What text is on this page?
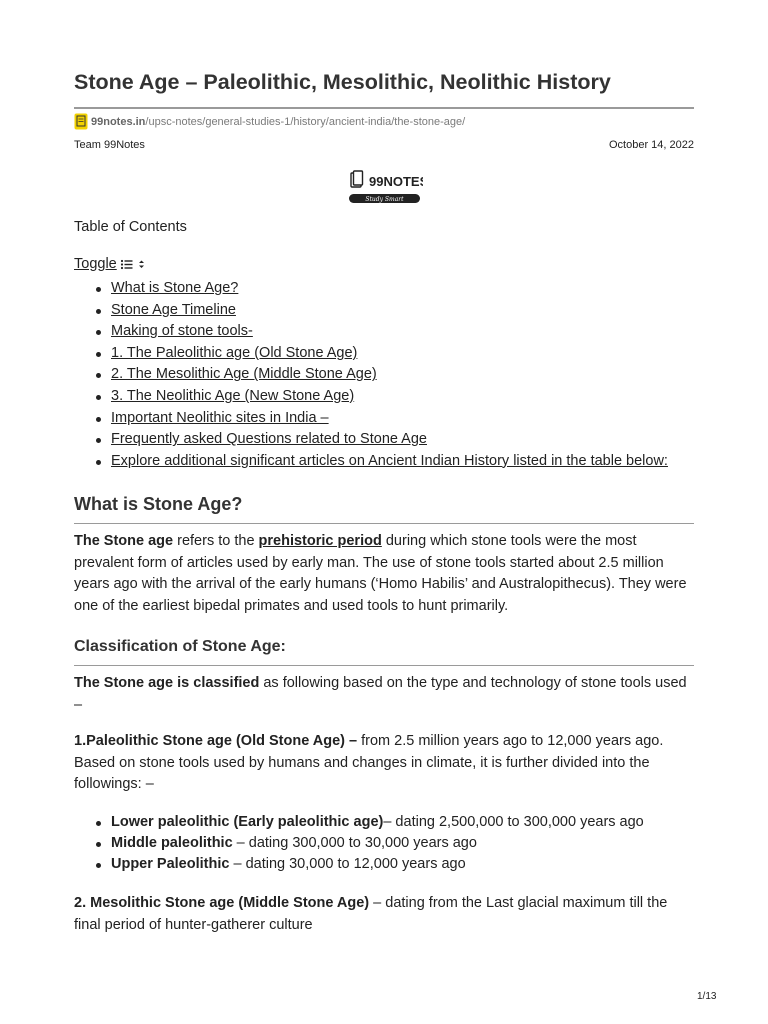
Stone Age – Paleolithic, Mesolithic, Neolithic History
99notes.in /upsc-notes/general-studies-1/history/ancient-india/the-stone-age/
Team 99Notes	October 14, 2022
99NOTES
Study Smart
Table of Contents
Toggle
What is Stone Age?
Stone Age Timeline
Making of stone tools-
1. The Paleolithic age (Old Stone Age)
2. The Mesolithic Age (Middle Stone Age)
3. The Neolithic Age (New Stone Age)
Important Neolithic sites in India –
Frequently asked Questions related to Stone Age
Explore additional significant articles on Ancient Indian History listed in the table below:
What is Stone Age?

The Stone age refers to the prehistoric period during which stone tools were the most prevalent form of articles used by early man. The use of stone tools started about 2.5 million years ago with the arrival of the early humans (‘Homo Habilis’ and Australopithecus). They were one of the earliest bipedal primates and used tools to hunt primarily.

Classification of Stone Age:

The Stone age is classified as following based on the type and technology of stone tools used –

1.Paleolithic Stone age (Old Stone Age) – from 2.5 million years ago to 12,000 years ago. Based on stone tools used by humans and changes in climate, it is further divided into the followings: –

Lower paleolithic (Early paleolithic age)– dating 2,500,000 to 300,000 years ago
Middle paleolithic – dating 300,000 to 30,000 years ago
Upper Paleolithic – dating 30,000 to 12,000 years ago

2. Mesolithic Stone age (Middle Stone Age) – dating from the Last glacial maximum till the final period of hunter-gatherer culture

1/13
